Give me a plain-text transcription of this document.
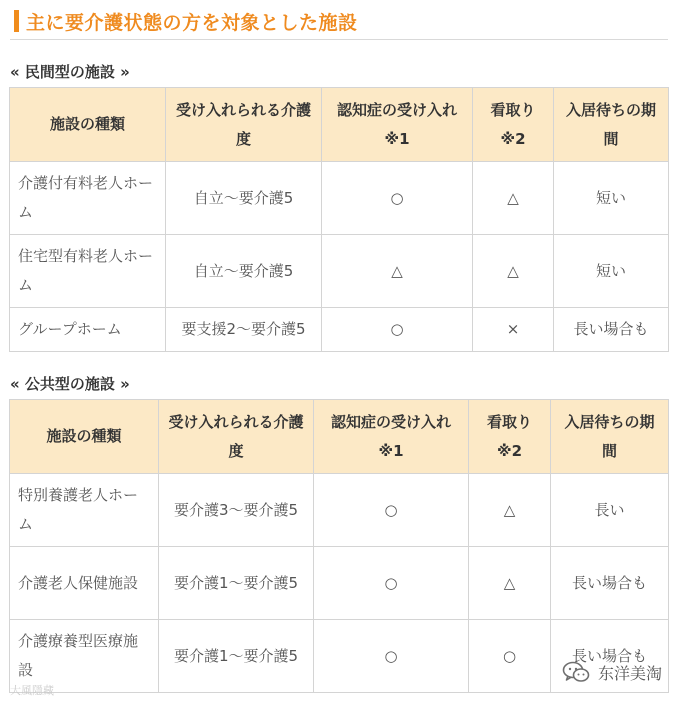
主に要介護状態の方を対象とした施設
« 民間型の施設 »
施設の種類	受け入れられる介護度	認知症の受け入れ※1	看取り※2	入居待ちの期間
介護付有料老人ホーム	自立〜要介護5	○	△	短い
住宅型有料老人ホーム	自立〜要介護5	△	△	短い
グループホーム	要支援2〜要介護5	○	×	長い場合も
« 公共型の施設 »
施設の種類	受け入れられる介護度	認知症の受け入れ※1	看取り※2	入居待ちの期間
特別養護老人ホーム	要介護3〜要介護5	○	△	長い
介護老人保健施設	要介護1〜要介護5	○	△	長い場合も
介護療養型医療施設	要介護1〜要介護5	○	○	長い場合も
大風隱藏
东洋美淘
